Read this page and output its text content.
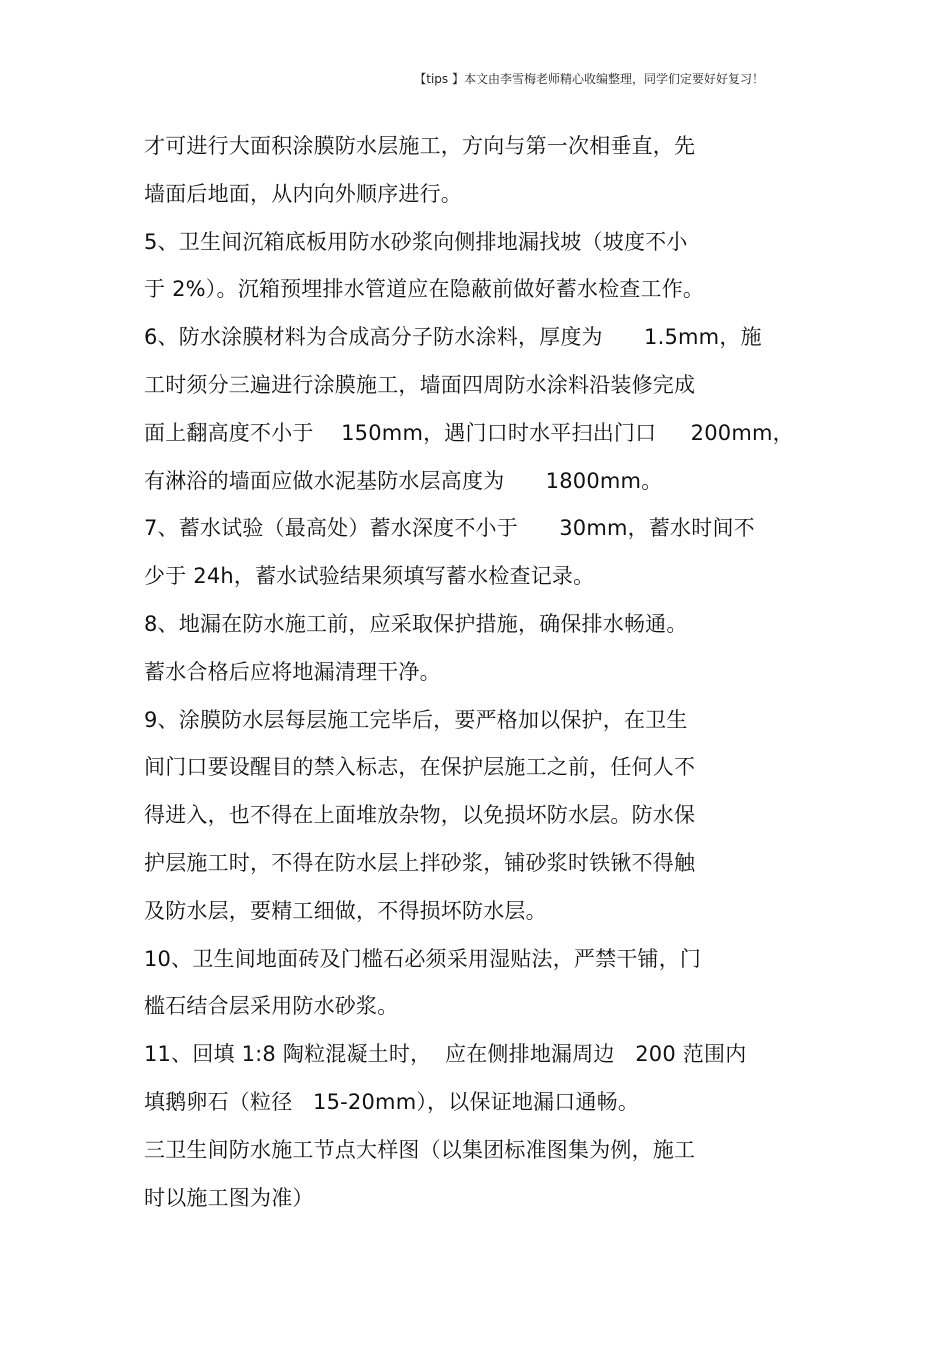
【tips 】本文由李雪梅老师精心收编整理，同学们定要好好复习！
才可进行大面积涂膜防水层施工，方向与第一次相垂直，先
墙面后地面，从内向外顺序进行。
5、卫生间沉箱底板用防水砂浆向侧排地漏找坡（坡度不小
于 2%）。沉箱预埋排水管道应在隐蔽前做好蓄水检查工作。
6、防水涂膜材料为合成高分子防水涂料，厚度为      1.5mm，施
工时须分三遍进行涂膜施工，墙面四周防水涂料沿装修完成
面上翻高度不小于    150mm，遇门口时水平扫出门口     200mm，
有淋浴的墙面应做水泥基防水层高度为      1800mm。
7、蓄水试验（最高处）蓄水深度不小于      30mm，蓄水时间不
少于 24h，蓄水试验结果须填写蓄水检查记录。
8、地漏在防水施工前，应采取保护措施，确保排水畅通。
蓄水合格后应将地漏清理干净。
9、涂膜防水层每层施工完毕后，要严格加以保护，在卫生
间门口要设醒目的禁入标志，在保护层施工之前，任何人不
得进入，也不得在上面堆放杂物，以免损坏防水层。防水保
护层施工时，不得在防水层上拌砂浆，铺砂浆时铁锹不得触
及防水层，要精工细做，不得损坏防水层。
10、卫生间地面砖及门槛石必须采用湿贴法，严禁干铺，门
槛石结合层采用防水砂浆。
11、回填 1:8 陶粒混凝土时，  应在侧排地漏周边   200 范围内
填鹅卵石（粒径   15-20mm），以保证地漏口通畅。
三卫生间防水施工节点大样图（以集团标准图集为例，施工
时以施工图为准）
